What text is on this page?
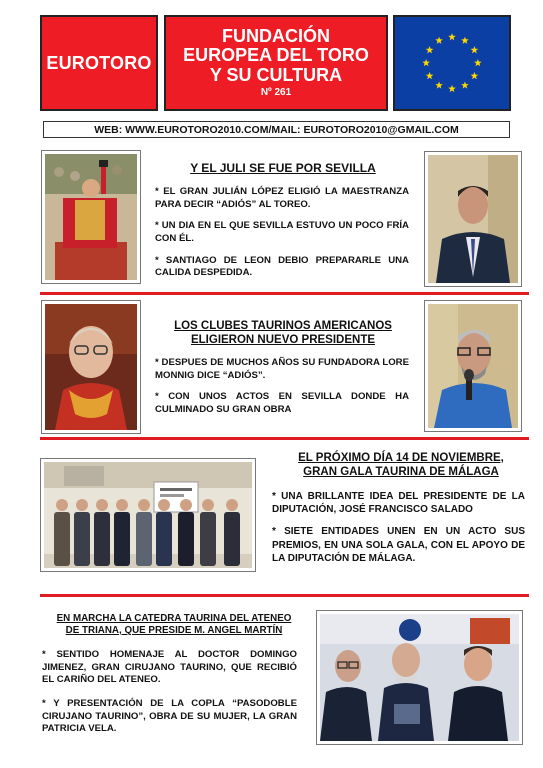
EUROTORO
FUNDACIÓN
EUROPEA DEL TORO
Y SU CULTURA
Nº 261
WEB: WWW.EUROTORO2010.COM / MAIL: EUROTORO2010@GMAIL.COM
Y EL JULI SE FUE POR SEVILLA

* EL GRAN JULIÁN LÓPEZ ELIGIÓ LA MAESTRANZA PARA DECIR “ADIÓS” AL TOREO.

* UN DIA EN EL QUE SEVILLA ESTUVO UN POCO FRÍA CON ÉL.

* SANTIAGO DE LEON DEBIO PREPARARLE UNA CALIDA DESPEDIDA.

LOS CLUBES TAURINOS AMERICANOS
ELIGIERON NUEVO PRESIDENTE

* DESPUES DE MUCHOS AÑOS SU FUNDADORA LORE MONNIG DICE “ADIÓS”.

* CON UNOS ACTOS EN SEVILLA DONDE HA CULMINADO SU GRAN OBRA

EL PRÓXIMO DÍA 14 DE NOVIEMBRE,
GRAN GALA TAURINA DE MÁLAGA

* UNA BRILLANTE IDEA DEL PRESIDENTE DE LA DIPUTACIÓN, JOSÉ FRANCISCO SALADO

* SIETE ENTIDADES UNEN EN UN ACTO SUS PREMIOS, EN UNA SOLA GALA, CON EL APOYO DE LA DIPUTACIÓN DE MÁLAGA.

EN MARCHA LA CATEDRA TAURINA DEL ATENEO
DE TRIANA, QUE PRESIDE M. ANGEL MARTÍN

* SENTIDO HOMENAJE AL DOCTOR DOMINGO JIMENEZ, GRAN CIRUJANO TAURINO, QUE RECIBIÓ EL CARIÑO DEL ATENEO.

* Y PRESENTACIÓN DE LA COPLA “PASODOBLE CIRUJANO TAURINO”, OBRA DE SU MUJER, LA GRAN PATRICIA VELA.
